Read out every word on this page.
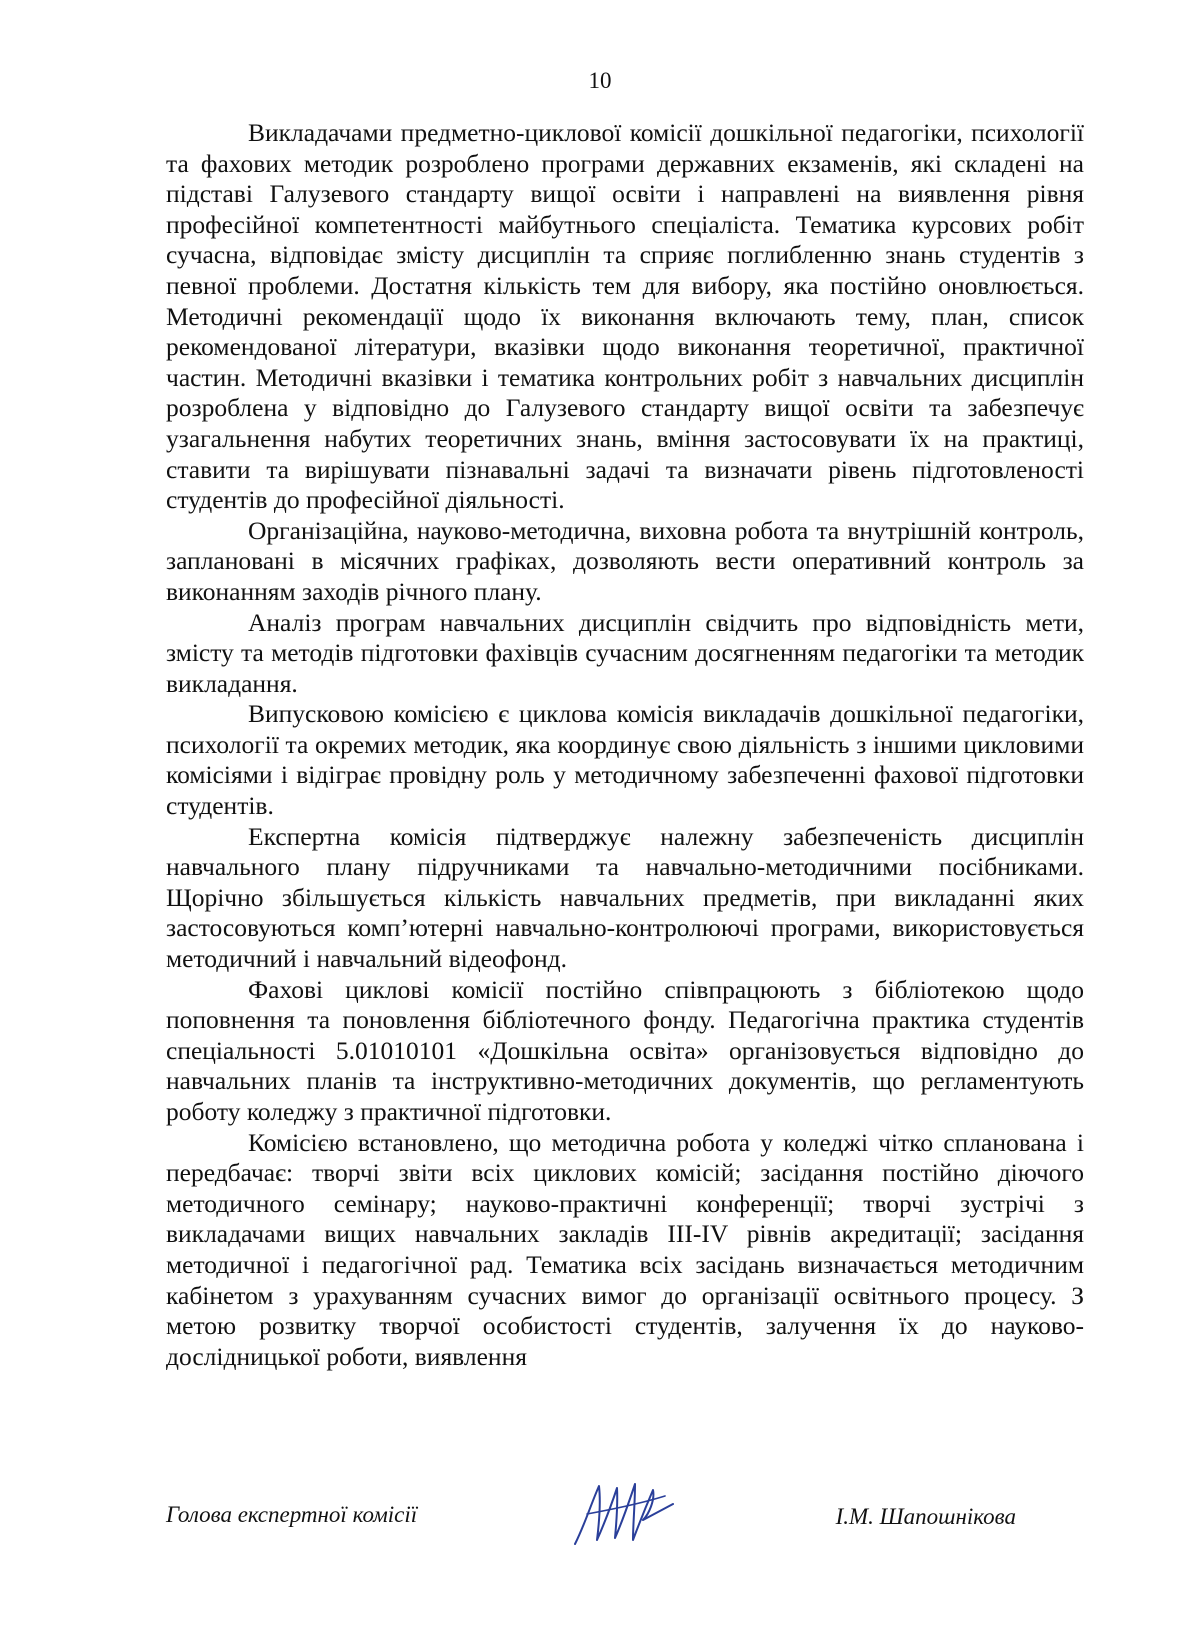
10

Викладачами предметно-циклової комісії дошкільної педагогіки, психології та фахових методик розроблено програми державних екзаменів, які складені на підставі Галузевого стандарту вищої освіти і направлені на виявлення рівня професійної компетентності майбутнього спеціаліста. Тематика курсових робіт сучасна, відповідає змісту дисциплін та сприяє поглибленню знань студентів з певної проблеми. Достатня кількість тем для вибору, яка постійно оновлюється. Методичні рекомендації щодо їх виконання включають тему, план, список рекомендованої літератури, вказівки щодо виконання теоретичної, практичної частин. Методичні вказівки і тематика контрольних робіт з навчальних дисциплін розроблена у відповідно до Галузевого стандарту вищої освіти та забезпечує узагальнення набутих теоретичних знань, вміння застосовувати їх на практиці, ставити та вирішувати пізнавальні задачі та визначати рівень підготовленості студентів до професійної діяльності.

Організаційна, науково-методична, виховна робота та внутрішній контроль, заплановані в місячних графіках, дозволяють вести оперативний контроль за виконанням заходів річного плану.

Аналіз програм навчальних дисциплін свідчить про відповідність мети, змісту та методів підготовки фахівців сучасним досягненням педагогіки та методик викладання.

Випусковою комісією є циклова комісія викладачів дошкільної педагогіки, психології та окремих методик, яка координує свою діяльність з іншими цикловими комісіями і відіграє провідну роль у методичному забезпеченні фахової підготовки студентів.

Експертна комісія підтверджує належну забезпеченість дисциплін навчального плану підручниками та навчально-методичними посібниками. Щорічно збільшується кількість навчальних предметів, при викладанні яких застосовуються комп’ютерні навчально-контролюючі програми, використовується методичний і навчальний відеофонд.

Фахові циклові комісії постійно співпрацюють з бібліотекою щодо поповнення та поновлення бібліотечного фонду. Педагогічна практика студентів спеціальності 5.01010101 «Дошкільна освіта» організовується відповідно до навчальних планів та інструктивно-методичних документів, що регламентують роботу коледжу з практичної підготовки.

Комісією встановлено, що методична робота у коледжі чітко спланована і передбачає: творчі звіти всіх циклових комісій; засідання постійно діючого методичного семінару; науково-практичні конференції; творчі зустрічі з викладачами вищих навчальних закладів III-IV рівнів акредитації; засідання методичної і педагогічної рад. Тематика всіх засідань визначається методичним кабінетом з урахуванням сучасних вимог до організації освітнього процесу. З метою розвитку творчої особистості студентів, залучення їх до науково-дослідницької роботи, виявлення

Голова експертної комісії	І.М. Шапошнікова
